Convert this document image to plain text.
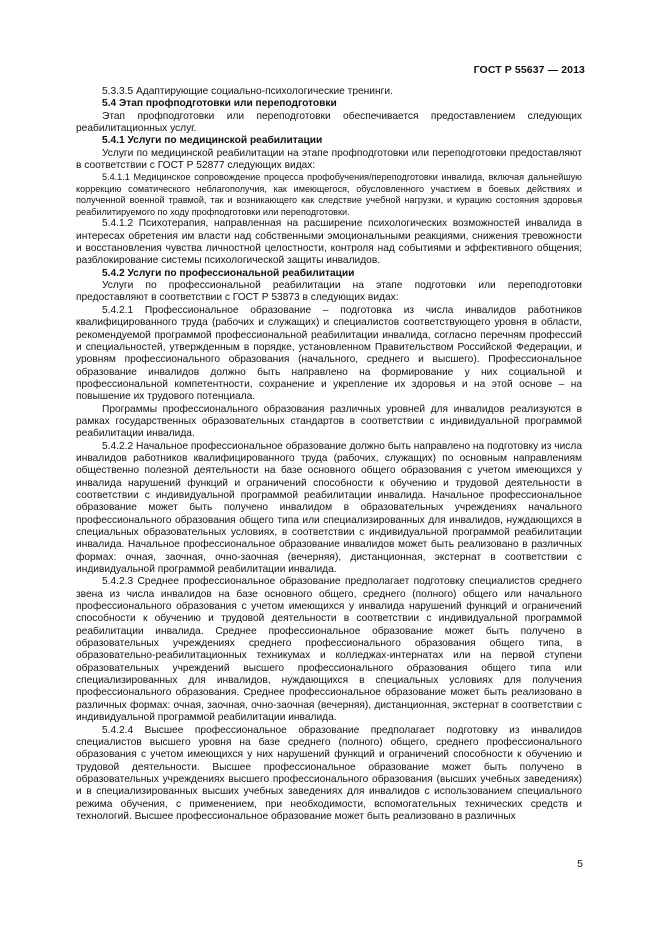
ГОСТ Р 55637 — 2013

5.3.3.5 Адаптирующие социально-психологические тренинги.

5.4 Этап профподготовки или переподготовки

Этап профподготовки или переподготовки обеспечивается предоставлением следующих реабилитационных услуг.

5.4.1 Услуги по медицинской реабилитации

Услуги по медицинской реабилитации на этапе профподготовки или переподготовки предоставляют в соответствии с ГОСТ Р 52877 следующих видах:

5.4.1.1 Медицинское сопровождение процесса профобучения/переподготовки инвалида, включая дальнейшую коррекцию соматического неблагополучия, как имеющегося, обусловленного участием в боевых действиях и полученной военной травмой, так и возникающего как следствие учебной нагрузки, и курацию состояния здоровья реабилитируемого по ходу профподготовки или переподготовки.

5.4.1.2 Психотерапия, направленная на расширение психологических возможностей инвалида в интересах обретения им власти над собственными эмоциональными реакциями, снижения тревожности и восстановления чувства личностной целостности, контроля над событиями и эффективного общения; разблокирование системы психологической защиты инвалидов.

5.4.2 Услуги по профессиональной реабилитации

Услуги по профессиональной реабилитации на этапе подготовки или переподготовки предоставляют в соответствии с ГОСТ Р 53873 в следующих видах:

5.4.2.1 Профессиональное образование – подготовка из числа инвалидов работников квалифицированного труда (рабочих и служащих) и специалистов соответствующего уровня в области, рекомендуемой программой профессиональной реабилитации инвалида, согласно перечням профессий и специальностей, утвержденным в порядке, установленном Правительством Российской Федерации, и уровням профессионального образования (начального, среднего и высшего). Профессиональное образование инвалидов должно быть направлено на формирование у них социальной и профессиональной компетентности, сохранение и укрепление их здоровья и на этой основе – на повышение их трудового потенциала.

Программы профессионального образования различных уровней для инвалидов реализуются в рамках государственных образовательных стандартов в соответствии с индивидуальной программой реабилитации инвалида.

5.4.2.2 Начальное профессиональное образование должно быть направлено на подготовку из числа инвалидов работников квалифицированного труда (рабочих, служащих) по основным направлениям общественно полезной деятельности на базе основного общего образования с учетом имеющихся у инвалида нарушений функций и ограничений способности к обучению и трудовой деятельности в соответствии с индивидуальной программой реабилитации инвалида. Начальное профессиональное образование может быть получено инвалидом в образовательных учреждениях начального профессионального образования общего типа или специализированных для инвалидов, нуждающихся в специальных образовательных условиях, в соответствии с индивидуальной программой реабилитации инвалида. Начальное профессиональное образование инвалидов может быть реализовано в различных формах: очная, заочная, очно-заочная (вечерняя), дистанционная, экстернат в соответствии с индивидуальной программой реабилитации инвалида.

5.4.2.3 Среднее профессиональное образование предполагает подготовку специалистов среднего звена из числа инвалидов на базе основного общего, среднего (полного) общего или начального профессионального образования с учетом имеющихся у инвалида нарушений функций и ограничений способности к обучению и трудовой деятельности в соответствии с индивидуальной программой реабилитации инвалида. Среднее профессиональное образование может быть получено в образовательных учреждениях среднего профессионального образования общего типа, в образовательно-реабилитационных техникумах и колледжах-интернатах или на первой ступени образовательных учреждений высшего профессионального образования общего типа или специализированных для инвалидов, нуждающихся в специальных условиях для получения профессионального образования. Среднее профессиональное образование может быть реализовано в различных формах: очная, заочная, очно-заочная (вечерняя), дистанционная, экстернат в соответствии с индивидуальной программой реабилитации инвалида.

5.4.2.4 Высшее профессиональное образование предполагает подготовку из инвалидов специалистов высшего уровня на базе среднего (полного) общего, среднего профессионального образования с учетом имеющихся у них нарушений функций и ограничений способности к обучению и трудовой деятельности. Высшее профессиональное образование может быть получено в образовательных учреждениях высшего профессионального образования (высших учебных заведениях) и в специализированных высших учебных заведениях для инвалидов с использованием специального режима обучения, с применением, при необходимости, вспомогательных технических средств и технологий. Высшее профессиональное образование может быть реализовано в различных

5
